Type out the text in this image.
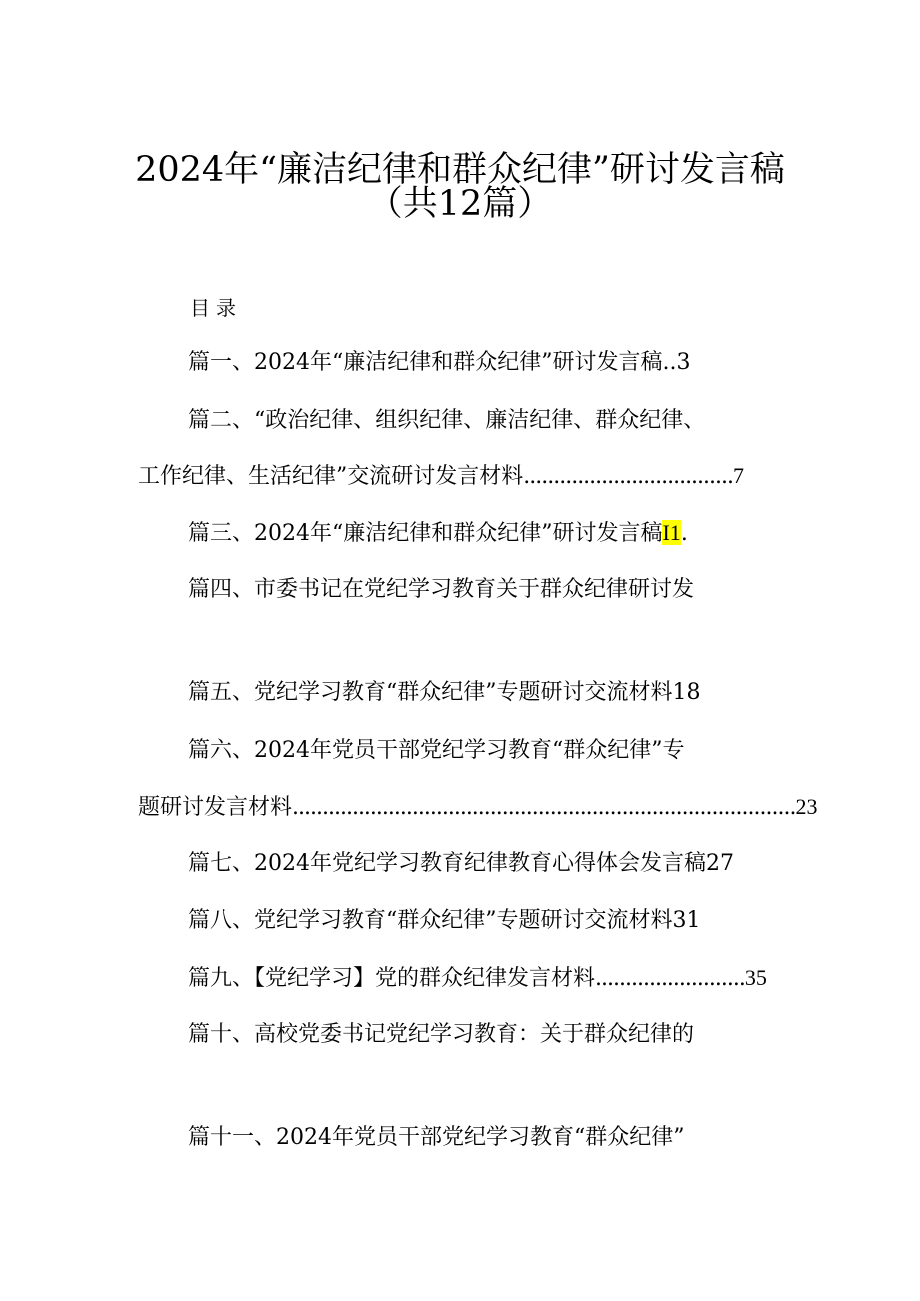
2024年“廉洁纪律和群众纪律”研讨发言稿
（共12篇）
目录
篇一、2024年“廉洁纪律和群众纪律”研讨发言稿..3
篇二、“政治纪律、组织纪律、廉洁纪律、群众纪律、
工作纪律、生活纪律”交流研讨发言材料...................................7
篇三、2024年“廉洁纪律和群众纪律”研讨发言稿I1.
篇四、市委书记在党纪学习教育关于群众纪律研讨发
篇五、党纪学习教育“群众纪律”专题研讨交流材料18
篇六、2024年党员干部党纪学习教育“群众纪律”专
题研讨发言材料....................................................................................23
篇七、2024年党纪学习教育纪律教育心得体会发言稿27
篇八、党纪学习教育“群众纪律”专题研讨交流材料31
篇九、【党纪学习】党的群众纪律发言材料.........................35
篇十、高校党委书记党纪学习教育：关于群众纪律的
篇十一、2024年党员干部党纪学习教育“群众纪律”
